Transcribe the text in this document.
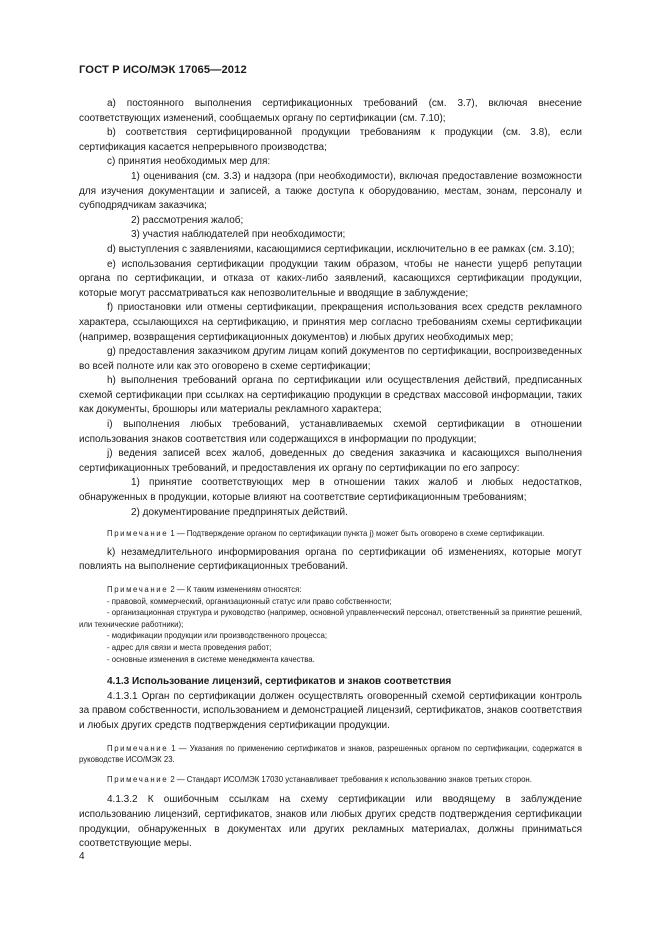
ГОСТ Р ИСО/МЭК 17065—2012

а) постоянного выполнения сертификационных требований (см. 3.7), включая внесение соответствующих изменений, сообщаемых органу по сертификации (см. 7.10);

b) соответствия сертифицированной продукции требованиям к продукции (см. 3.8), если сертификация касается непрерывного производства;

c) принятия необходимых мер для:

1) оценивания (см. 3.3) и надзора (при необходимости), включая предоставление возможности для изучения документации и записей, а также доступа к оборудованию, местам, зонам, персоналу и субподрядчикам заказчика;

2) рассмотрения жалоб;

3) участия наблюдателей при необходимости;

d) выступления c заявлениями, касающимися сертификации, исключительно в ее рамках (см. 3.10);

e) использования сертификации продукции таким образом, чтобы не нанести ущерб репутации органа по сертификации, и отказа от каких-либо заявлений, касающихся сертификации продукции, которые могут рассматриваться как непозволительные и вводящие в заблуждение;

f) приостановки или отмены сертификации, прекращения использования всех средств рекламного характера, ссылающихся на сертификацию, и принятия мер согласно требованиям схемы сертификации (например, возвращения сертификационных документов) и любых других необходимых мер;

g) предоставления заказчиком другим лицам копий документов по сертификации, воспроизведенных во всей полноте или как это оговорено в схеме сертификации;

h) выполнения требований органа по сертификации или осуществления действий, предписанных схемой сертификации при ссылках на сертификацию продукции в средствах массовой информации, таких как документы, брошюры или материалы рекламного характера;

i) выполнения любых требований, устанавливаемых схемой сертификации в отношении использования знаков соответствия или содержащихся в информации по продукции;

j) ведения записей всех жалоб, доведенных до сведения заказчика и касающихся выполнения сертификационных требований, и предоставления их органу по сертификации по его запросу:

1) принятие соответствующих мер в отношении таких жалоб и любых недостатков, обнаруженных в продукции, которые влияют на соответствие сертификационным требованиям;

2) документирование предпринятых действий.

Примечание 1 — Подтверждение органом по сертификации пункта j) может быть оговорено в схеме сертификации.

k) незамедлительного информирования органа по сертификации об изменениях, которые могут повлиять на выполнение сертификационных требований.

Примечание 2 — К таким изменениям относятся:

- правовой, коммерческий, организационный статус или право собственности;

- организационная структура и руководство (например, основной управленческий персонал, ответственный за принятие решений, или технические работники);

- модификации продукции или производственного процесса;

- адрес для связи и места проведения работ;

- основные изменения в системе менеджмента качества.

4.1.3 Использование лицензий, сертификатов и знаков соответствия

4.1.3.1 Орган по сертификации должен осуществлять оговоренный схемой сертификации контроль за правом собственности, использованием и демонстрацией лицензий, сертификатов, знаков соответствия и любых других средств подтверждения сертификации продукции.

Примечание 1 — Указания по применению сертификатов и знаков, разрешенных органом по сертификации, содержатся в руководстве ИСО/МЭК 23.

Примечание 2 — Стандарт ИСО/МЭК 17030 устанавливает требования к использованию знаков третьих сторон.

4.1.3.2 К ошибочным ссылкам на схему сертификации или вводящему в заблуждение использованию лицензий, сертификатов, знаков или любых других средств подтверждения сертификации продукции, обнаруженных в документах или других рекламных материалах, должны приниматься соответствующие меры.

4
